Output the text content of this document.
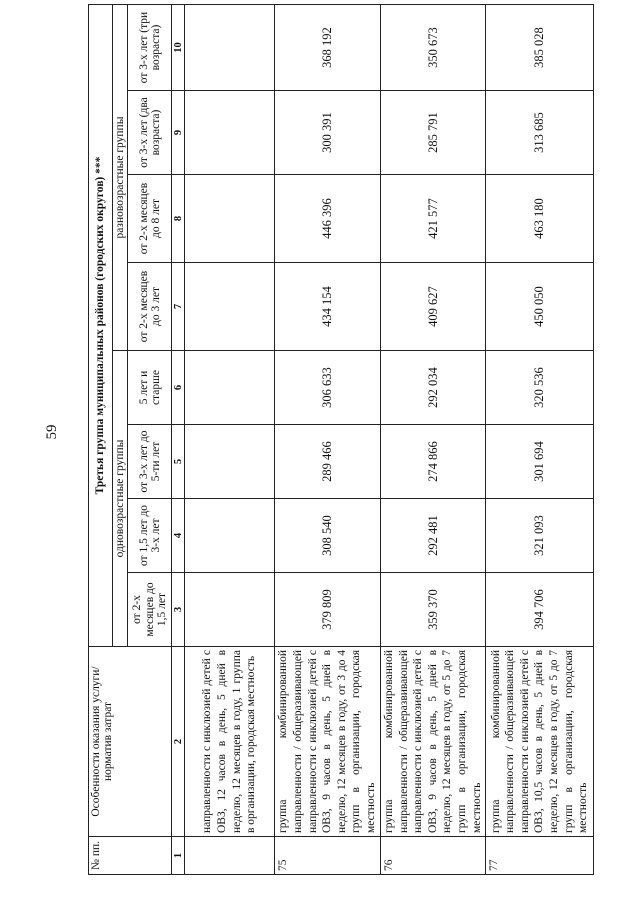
59
№ пп.	Особенности оказания услуги/норматив затрат	Третья группа муниципальных районов (городских округов) ***							
		одновозрастные группы				разновозрастные группы			
		от 2-х месяцев до 1,5 лет	от 1,5 лет до 3-х лет	от 3-х лет до 5-ти лет	5 лет и старше	от 2-х месяцев до 3 лет	от 2-х месяцев до 8 лет	от 3-х лет (два возраста)	от 3-х лет (три возраста)
1	2	3	4	5	6	7	8	9	10
	направленности с инклюзией детей с ОВЗ, 12 часов в день, 5 дней в неделю, 12 месяцев в году, 1 группа в организации, городская местность								
75	группа комбинированной направленности / общеразвивающей направленности с инклюзией детей с ОВЗ, 9 часов в день, 5 дней в неделю, 12 месяцев в году, от 3 до 4 групп в организации, городская местность	379 809	308 540	289 466	306 633	434 154	446 396	300 391	368 192
76	группа комбинированной направленности / общеразвивающей направленности с инклюзией детей с ОВЗ, 9 часов в день, 5 дней в неделю, 12 месяцев в году, от 5 до 7 групп в организации, городская местность	359 370	292 481	274 866	292 034	409 627	421 577	285 791	350 673
77	группа комбинированной направленности / общеразвивающей направленности с инклюзией детей с ОВЗ, 10,5 часов в день, 5 дней в неделю, 12 месяцев в году, от 5 до 7 групп в организации, городская местность	394 706	321 093	301 694	320 536	450 050	463 180	313 685	385 028
